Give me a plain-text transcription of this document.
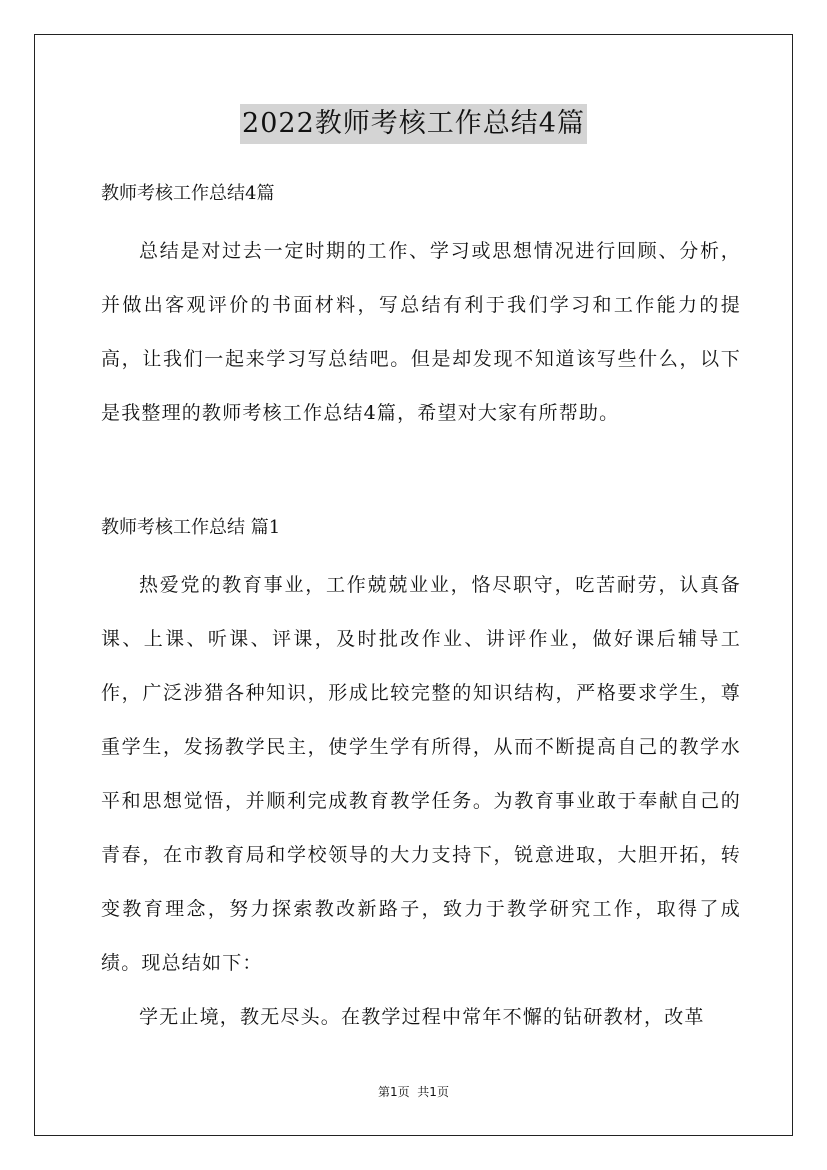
2022教师考核工作总结4篇

教师考核工作总结4篇

总结是对过去一定时期的工作、学习或思想情况进行回顾、分析，并做出客观评价的书面材料，写总结有利于我们学习和工作能力的提高，让我们一起来学习写总结吧。但是却发现不知道该写些什么，以下是我整理的教师考核工作总结4篇，希望对大家有所帮助。

教师考核工作总结 篇1

热爱党的教育事业，工作兢兢业业，恪尽职守，吃苦耐劳，认真备课、上课、听课、评课，及时批改作业、讲评作业，做好课后辅导工作，广泛涉猎各种知识，形成比较完整的知识结构，严格要求学生，尊重学生，发扬教学民主，使学生学有所得，从而不断提高自己的教学水平和思想觉悟，并顺利完成教育教学任务。为教育事业敢于奉献自己的青春，在市教育局和学校领导的大力支持下，锐意进取，大胆开拓，转变教育理念，努力探索教改新路子，致力于教学研究工作，取得了成绩。现总结如下：

学无止境，教无尽头。在教学过程中常年不懈的钻研教材，改革

第1页  共1页
